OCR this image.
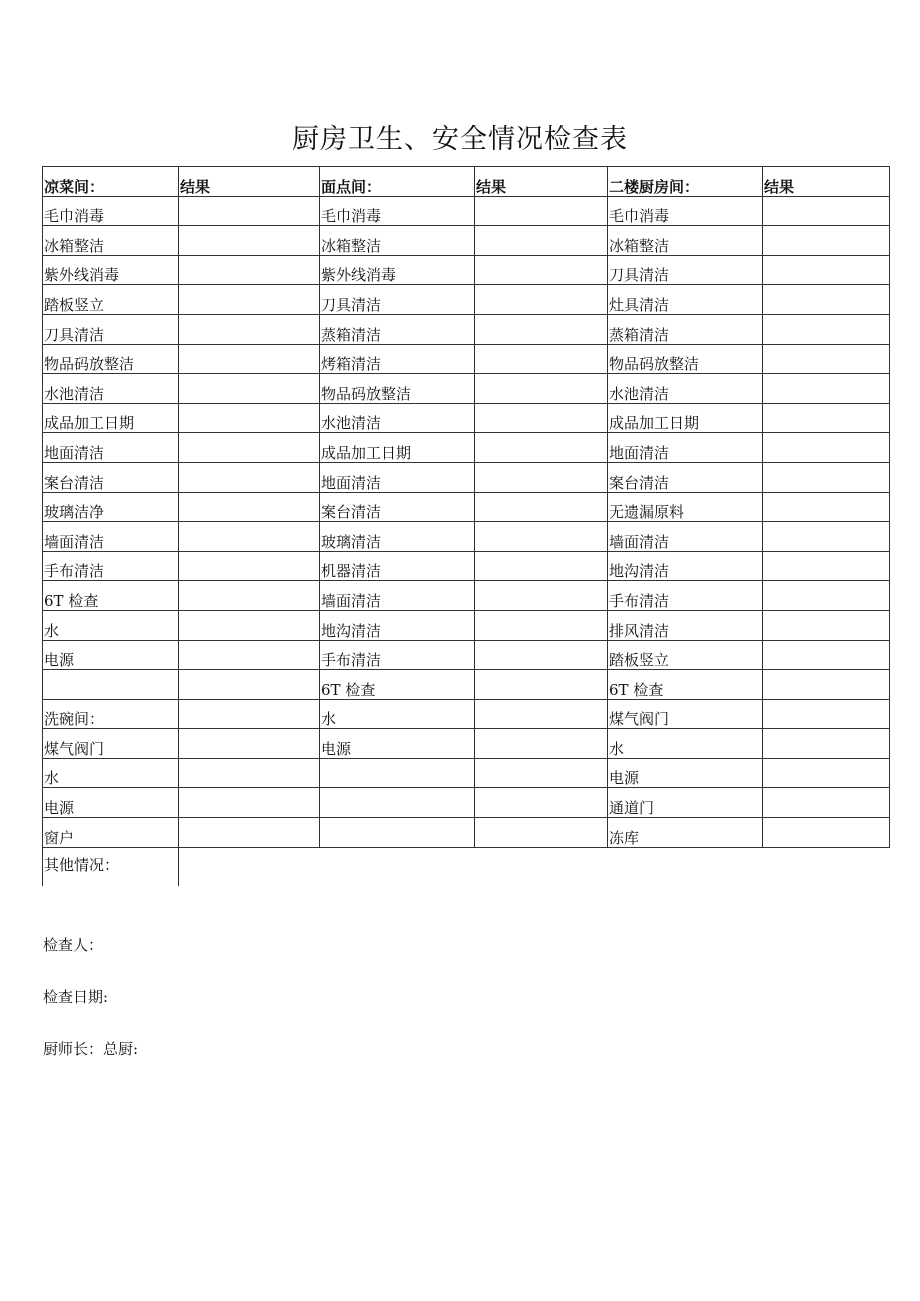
厨房卫生、安全情况检查表
凉菜间：	结果	面点间：	结果	二楼厨房间：	结果
毛巾消毒		毛巾消毒		毛巾消毒	
冰箱整洁		冰箱整洁		冰箱整洁	
紫外线消毒		紫外线消毒		刀具清洁	
踏板竖立		刀具清洁		灶具清洁	
刀具清洁		蒸箱清洁		蒸箱清洁	
物品码放整洁		烤箱清洁		物品码放整洁	
水池清洁		物品码放整洁		水池清洁	
成品加工日期		水池清洁		成品加工日期	
地面清洁		成品加工日期		地面清洁	
案台清洁		地面清洁		案台清洁	
玻璃洁净		案台清洁		无遗漏原料	
墙面清洁		玻璃清洁		墙面清洁	
手布清洁		机器清洁		地沟清洁	
6T 检查		墙面清洁		手布清洁	
水		地沟清洁		排风清洁	
电源		手布清洁		踏板竖立	
		6T 检查		6T 检查	
洗碗间：		水		煤气阀门	
煤气阀门		电源		水	
水				电源	
电源				通道门	
窗户				冻库	
其他情况：					
检查人：
检查日期:
厨师长：总厨:
